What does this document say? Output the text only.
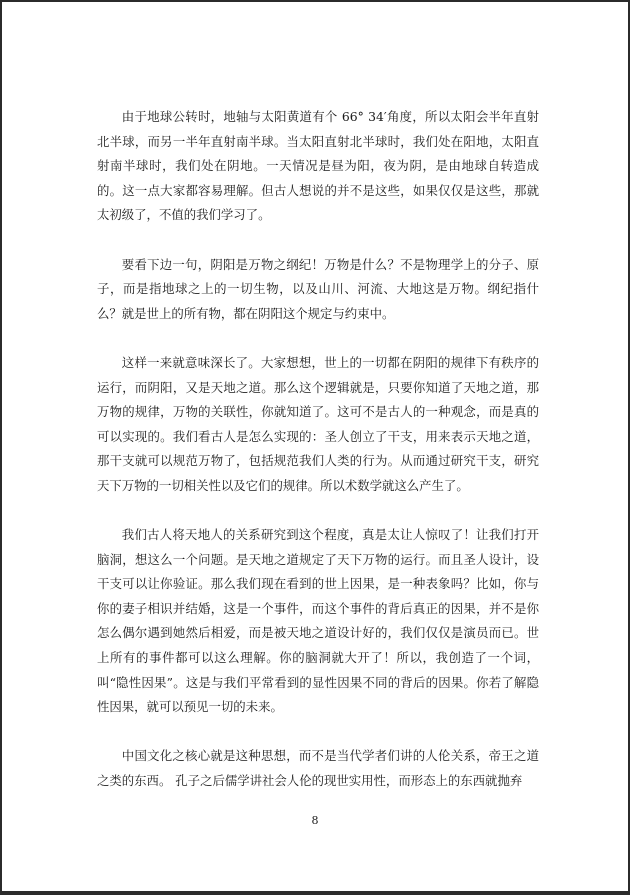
由于地球公转时，地轴与太阳黄道有个 66° 34′角度，所以太阳会半年直射北半球，而另一半年直射南半球。当太阳直射北半球时，我们处在阳地，太阳直射南半球时，我们处在阴地。一天情况是昼为阳，夜为阴，是由地球自转造成的。这一点大家都容易理解。但古人想说的并不是这些，如果仅仅是这些，那就太初级了，不值的我们学习了。

要看下边一句，阴阳是万物之纲纪！万物是什么？不是物理学上的分子、原子，而是指地球之上的一切生物，以及山川、河流、大地这是万物。纲纪指什么？就是世上的所有物，都在阴阳这个规定与约束中。

这样一来就意味深长了。大家想想，世上的一切都在阴阳的规律下有秩序的运行，而阴阳，又是天地之道。那么这个逻辑就是，只要你知道了天地之道，那万物的规律，万物的关联性，你就知道了。这可不是古人的一种观念，而是真的可以实现的。我们看古人是怎么实现的：圣人创立了干支，用来表示天地之道，那干支就可以规范万物了，包括规范我们人类的行为。从而通过研究干支，研究天下万物的一切相关性以及它们的规律。所以术数学就这么产生了。

我们古人将天地人的关系研究到这个程度，真是太让人惊叹了！让我们打开脑洞，想这么一个问题。是天地之道规定了天下万物的运行。而且圣人设计，设干支可以让你验证。那么我们现在看到的世上因果，是一种表象吗？比如，你与你的妻子相识并结婚，这是一个事件，而这个事件的背后真正的因果，并不是你怎么偶尔遇到她然后相爱，而是被天地之道设计好的，我们仅仅是演员而已。世上所有的事件都可以这么理解。你的脑洞就大开了！所以，我创造了一个词，叫“隐性因果”。这是与我们平常看到的显性因果不同的背后的因果。你若了解隐性因果，就可以预见一切的未来。

中国文化之核心就是这种思想，而不是当代学者们讲的人伦关系，帝王之道之类的东西。 孔子之后儒学讲社会人伦的现世实用性，而形态上的东西就抛弃

8
